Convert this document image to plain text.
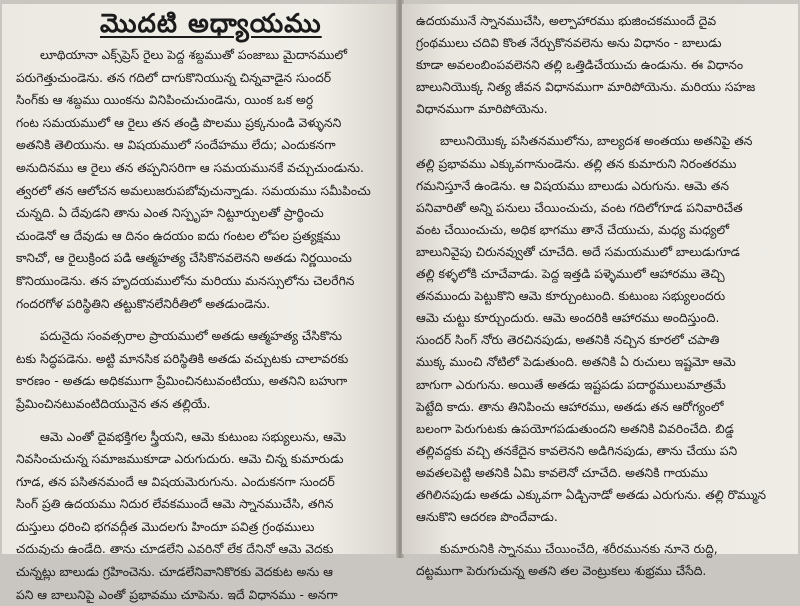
మొదటి అధ్యాయము
లూథియానా ఎక్స్‌ప్రెస్ రైలు పెద్ద శబ్దముతో పంజాబు మైదానములో
పరుగెత్తుచుండెను. తన గదిలో దాగుకొనియున్న చిన్నవాడైన సుందర్
సింగ్‌కు ఆ శబ్దము యింకను వినిపించుచుండెను, యింక ఒక అర్ధ
గంట సమయములో ఆ రైలు తన తండ్రి పొలము ప్రక్కనుండి వెళ్ళునని
అతనికి తెలియును. ఆ విషయములో సందేహము లేదు; ఎందుకనగా
అనుదినము ఆ రైలు తన తప్పనిసరిగా ఆ సమయమునకే వచ్చుచుండును.
త్వరలో తన ఆలోచన అమలుజరుపబోవుచున్నాడు. సమయము సమీపించు
చున్నది. ఏ దేవుడని తాను ఎంత నిస్పృహ నిట్టూర్పులతో ప్రార్థించు
చుండెనో ఆ దేవుడు ఆ దినం ఉదయం ఐదు గంటల లోపల ప్రత్యక్షము
కానిచో, ఆ రైలుక్రింద పడి ఆత్మహత్య చేసికొనవలెనని అతడు నిర్ణయించు
కొనియుండెను. తన హృదయములోను మరియు మనస్సులోను చెలరేగిన
గందరగోళ పరిస్థితిని తట్టుకొనలేనిరీతిలో అతడుండెను.
పదునైదు సంవత్సరాల ప్రాయములో అతడు ఆత్మహత్య చేసికొను
టకు సిద్ధపడెను. అట్టి మానసిక పరిస్థితికి అతడు వచ్చుటకు చాలావరకు
కారణం - అతడు అధికముగా ప్రేమించినటువంటియు, అతనిని బహుగా
ప్రేమించినటువంటిదియునైన తన తల్లియే.
ఆమె ఎంతో దైవభక్తిగల స్త్రీయని, ఆమె కుటుంబ సభ్యులును, ఆమె
నివసించుచున్న సమాజముకూడా ఎరుగుదురు. ఆమె చిన్న కుమారుడు
గూడ, తన పసితనమందే ఆ విషయమెరుగును. ఎందుకనగా సుందర్
సింగ్ ప్రతి ఉదయము నిదుర లేవకముందే ఆమె స్నానముచేసి, తగిన
దుస్తులు ధరించి భగవద్గీత మొదలగు హిందూ పవిత్ర గ్రంథములు
చదువుచు ఉండేది. తాను చూడలేని ఎవరినో లేక దేనినో ఆమె వెదకు
చున్నట్లు బాలుడు గ్రహించెను. చూడలేనివానికొరకు వెదకుట అను ఆ
పని ఆ బాలునిపై ఎంతో ప్రభావము చూపెను. ఇదే విధానము - అనగా
ఉదయమునే స్నానముచేసి, అల్పాహారము భుజించకముందే దైవ
గ్రంథములు చదివి కొంత నేర్చుకొనవలెను అను విధానం - బాలుడు
కూడా అవలంబింపవలెనని తల్లి ఒత్తిడిచేయుచు ఉండును. ఈ విధానం
బాలునియొక్క నిత్య జీవన విధానముగా మారిపోయెను. మరియు సహజ
విధానముగా మారిపోయెను.
బాలునియొక్క పసితనములోను, బాల్యదశ అంతయు అతనిపై తన
తల్లి ప్రభావము ఎక్కువగానుండెను. తల్లి తన కుమారుని నిరంతరము
గమనిస్తూనే ఉండెను. ఆ విషయము బాలుడు ఎరుగును. ఆమె తన
పనివారితో అన్ని పనులు చేయించుచు, వంట గదిలోగూడ పనివారిచేత
వంట చేయించుచు, అధిక భాగము తానే చేయుచు, మధ్య మధ్యలో
బాలునివైపు చిరునవ్వుతో చూచేది. అదే సమయములో బాలుడుగూడ
తల్లి కళ్ళలోకి చూచేవాడు. పెద్ద ఇత్తడి పళ్ళెములో ఆహారము తెచ్చి
తనముందు పెట్టుకొని ఆమె కూర్చుంటుంది. కుటుంబ సభ్యులందరు
ఆమె చుట్టు కూర్చుందురు. ఆమె అందరికి ఆహారము అందిస్తుంది.
సుందర్ సింగ్ నోరు తెరచినపుడు, అతనికి నచ్చిన కూరలో చపాతి
ముక్క ముంచి నోటిలో పెడుతుంది. అతనికి ఏ రుచులు ఇష్టమో ఆమె
బాగుగా ఎరుగును. అయితే అతడు ఇష్టపడు పదార్థములుమాత్రమే
పెట్టేది కాదు. తాను తినిపించు ఆహారము, అతడు తన ఆరోగ్యంలో
బలంగా పెరుగుటకు ఉపయోగపడుతుందని అతనికి వివరించేది. బిడ్డ
తల్లివద్దకు వచ్చి తనకేదైన కావలెనని అడిగినపుడు, తాను చేయు పని
అవతలపెట్టి అతనికి ఏమి కావలెనో చూచేది. అతనికి గాయము
తగిలినపుడు అతడు ఎక్కువగా ఏడ్చినాడో అతడు ఎరుగును. తల్లి రొమ్మున
ఆనుకొని ఆదరణ పొందేవాడు.
కుమారునికి స్నానము చేయించేది, శరీరమునకు నూనె రుద్ది,
దట్టముగా పెరుగుచున్న అతని తల వెంట్రుకలు శుభ్రము చేసేది.
